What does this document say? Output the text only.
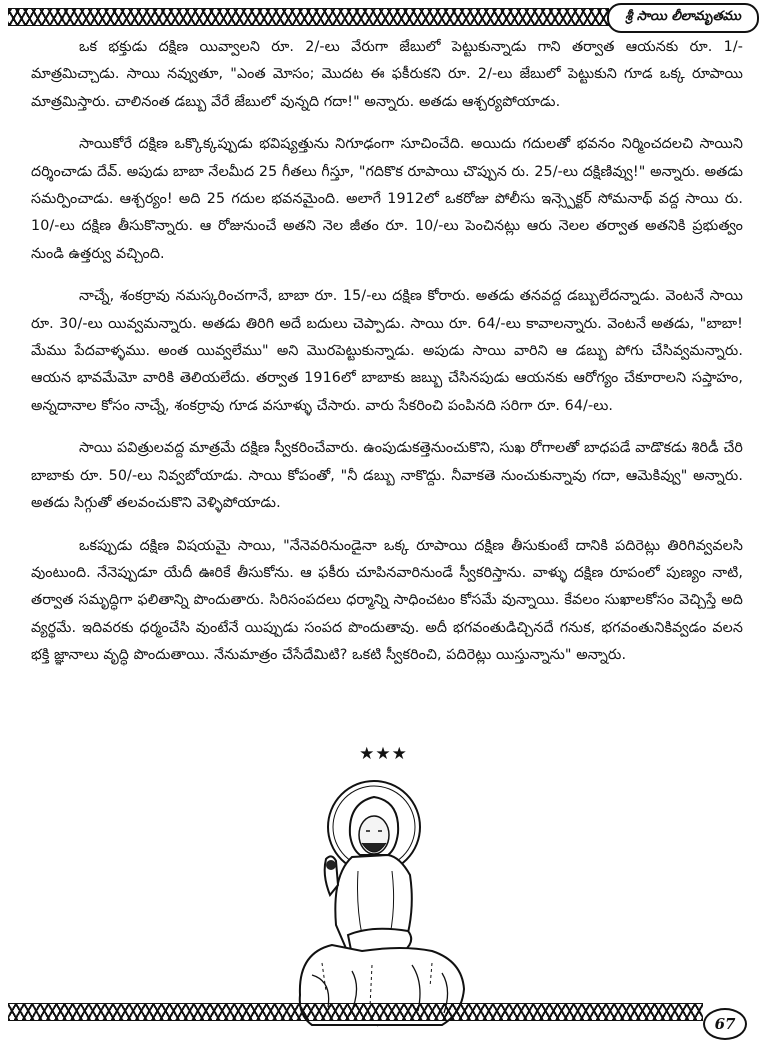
శ్రీ సాయి లీలామృతము

ఒక భక్తుడు దక్షిణ యివ్వాలని రూ. 2/-లు వేరుగా జేబులో పెట్టుకున్నాడు గాని తర్వాత ఆయనకు రూ. 1/- మాత్రమిచ్చాడు. సాయి నవ్వుతూ, "ఎంత మోసం; మొదట ఈ ఫకీరుకని రూ. 2/-లు జేబులో పెట్టుకుని గూడ ఒక్క రూపాయి మాత్రమిస్తారు. చాలినంత డబ్బు వేరే జేబులో వున్నది గదా!" అన్నారు. అతడు ఆశ్చర్యపోయాడు.

సాయికోరే దక్షిణ ఒక్కొక్కప్పుడు భవిష్యత్తును నిగూఢంగా సూచించేది. అయిదు గదులతో భవనం నిర్మించదలచి సాయిని దర్శించాడు దేవ్. అపుడు బాబా నేలమీద 25 గీతలు గీస్తూ, "గదికొక రూపాయి చొప్పున రు. 25/-లు దక్షిణివ్వు!" అన్నారు. అతడు సమర్పించాడు. ఆశ్చర్యం! అది 25 గదుల భవనమైంది. అలాగే 1912లో ఒకరోజు పోలీసు ఇన్స్పెక్టర్ సోమనాథ్ వద్ద సాయి రు. 10/-లు దక్షిణ తీసుకొన్నారు. ఆ రోజునుంచే అతని నెల జీతం రూ. 10/-లు పెంచినట్లు ఆరు నెలల తర్వాత అతనికి ప్రభుత్వం నుండి ఉత్తర్వు వచ్చింది.

నాచ్నే, శంకర్రావు నమస్కరించగానే, బాబా రూ. 15/-లు దక్షిణ కోరారు. అతడు తనవద్ద డబ్బులేదన్నాడు. వెంటనే సాయి రూ. 30/-లు యివ్వమన్నారు. అతడు తిరిగి అదే బదులు చెప్పాడు. సాయి రూ. 64/-లు కావాలన్నారు. వెంటనే అతడు, "బాబా! మేము పేదవాళ్ళము. అంత యివ్వలేము" అని మొరపెట్టుకున్నాడు. అపుడు సాయి వారిని ఆ డబ్బు పోగు చేసివ్వమన్నారు. ఆయన భావమేమో వారికి తెలియలేదు. తర్వాత 1916లో బాబాకు జబ్బు చేసినపుడు ఆయనకు ఆరోగ్యం చేకూరాలని సప్తాహం, అన్నదానాల కోసం నాచ్నే, శంకర్రావు గూడ వసూళ్ళు చేసారు. వారు సేకరించి పంపినది సరిగా రూ. 64/-లు.

సాయి పవిత్రులవద్ద మాత్రమే దక్షిణ స్వీకరించేవారు. ఉంపుడుకత్తెనుంచుకొని, సుఖ రోగాలతో బాధపడే వాడొకడు శిరిడీ చేరి బాబాకు రూ. 50/-లు నివ్వబోయాడు. సాయి కోపంతో, "నీ డబ్బు నాకొద్దు. నీవాకతె నుంచుకున్నావు గదా, ఆమెకివ్వు" అన్నారు. అతడు సిగ్గుతో తలవంచుకొని వెళ్ళిపోయాడు.

ఒకప్పుడు దక్షిణ విషయమై సాయి, "నేనెవరినుండైనా ఒక్క రూపాయి దక్షిణ తీసుకుంటే దానికి పదిరెట్లు తిరిగివ్వవలసి వుంటుంది. నేనెప్పుడూ యేదీ ఊరికే తీసుకోను. ఆ ఫకీరు చూపినవారినుండే స్వీకరిస్తాను. వాళ్ళు దక్షిణ రూపంలో పుణ్యం నాటి, తర్వాత సమృద్ధిగా ఫలితాన్ని పొందుతారు. సిరిసంపదలు ధర్మాన్ని సాధించటం కోసమే వున్నాయి. కేవలం సుఖాలకోసం వెచ్చిస్తే అది వ్యర్థమే. ఇదివరకు ధర్మంచేసి వుంటేనే యిప్పుడు సంపద పొందుతావు. అదీ భగవంతుడిచ్చినదే గనుక, భగవంతునికివ్వడం వలన భక్తి జ్ఞానాలు వృద్ధి పొందుతాయి. నేనుమాత్రం చేసేదేమిటి? ఒకటి స్వీకరించి, పదిరెట్లు యిస్తున్నాను" అన్నారు.

★★★
67
